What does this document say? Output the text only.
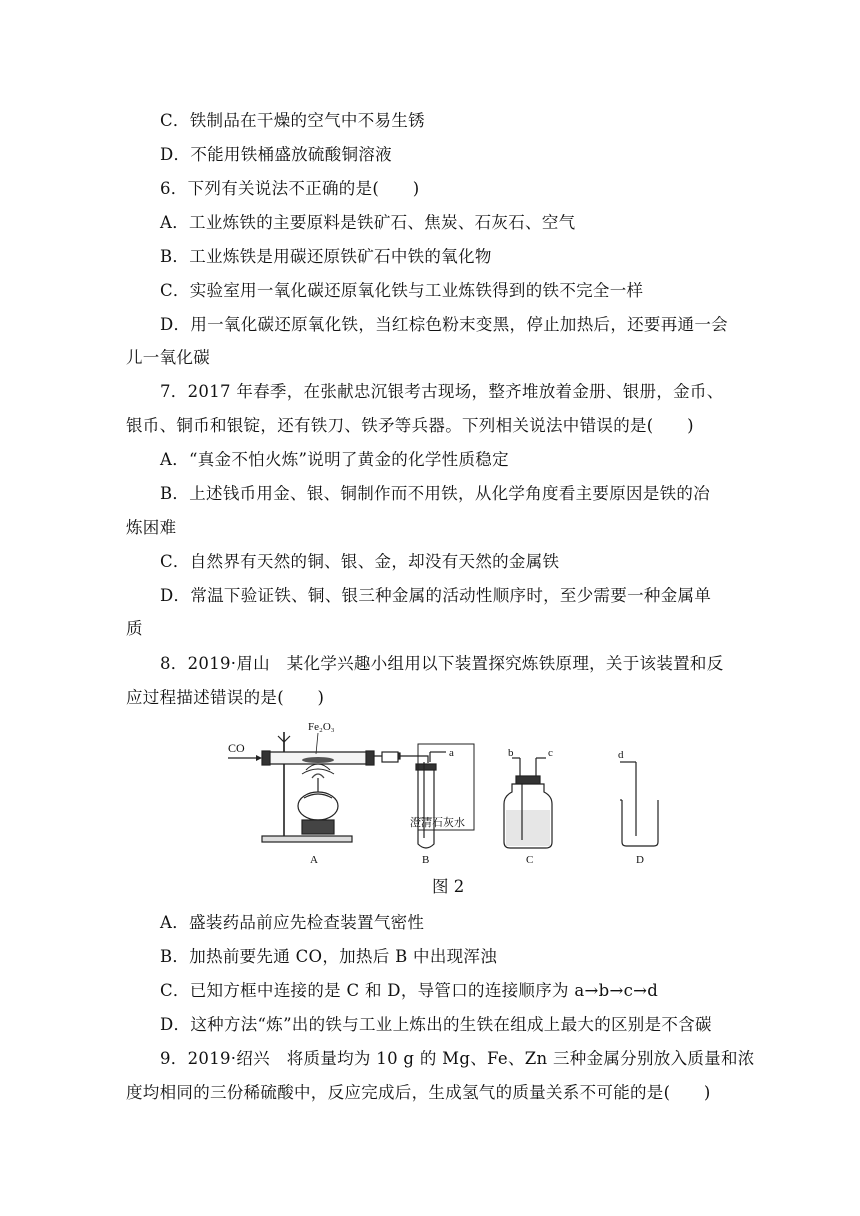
C．铁制品在干燥的空气中不易生锈
D．不能用铁桶盛放硫酸铜溶液
6．下列有关说法不正确的是(　　)
A．工业炼铁的主要原料是铁矿石、焦炭、石灰石、空气
B．工业炼铁是用碳还原铁矿石中铁的氧化物
C．实验室用一氧化碳还原氧化铁与工业炼铁得到的铁不完全一样
D．用一氧化碳还原氧化铁，当红棕色粉末变黑，停止加热后，还要再通一会
儿一氧化碳
7．2017 年春季，在张献忠沉银考古现场，整齐堆放着金册、银册，金币、
银币、铜币和银锭，还有铁刀、铁矛等兵器。下列相关说法中错误的是(　　)
A．“真金不怕火炼”说明了黄金的化学性质稳定
B．上述钱币用金、银、铜制作而不用铁，从化学角度看主要原因是铁的冶
炼困难
C．自然界有天然的铜、银、金，却没有天然的金属铁
D．常温下验证铁、铜、银三种金属的活动性顺序时，至少需要一种金属单
质
8．2019·眉山　某化学兴趣小组用以下装置探究炼铁原理，关于该装置和反
应过程描述错误的是(　　)
CO
Fe₂O₃
a
澄清石灰水
b	c	d
A	B	C	D
图 2
A．盛装药品前应先检查装置气密性
B．加热前要先通 CO，加热后 B 中出现浑浊
C．已知方框中连接的是 C 和 D，导管口的连接顺序为 a→b→c→d
D．这种方法“炼”出的铁与工业上炼出的生铁在组成上最大的区别是不含碳
9．2019·绍兴　将质量均为 10 g 的 Mg、Fe、Zn 三种金属分别放入质量和浓
度均相同的三份稀硫酸中，反应完成后，生成氢气的质量关系不可能的是(　　)
